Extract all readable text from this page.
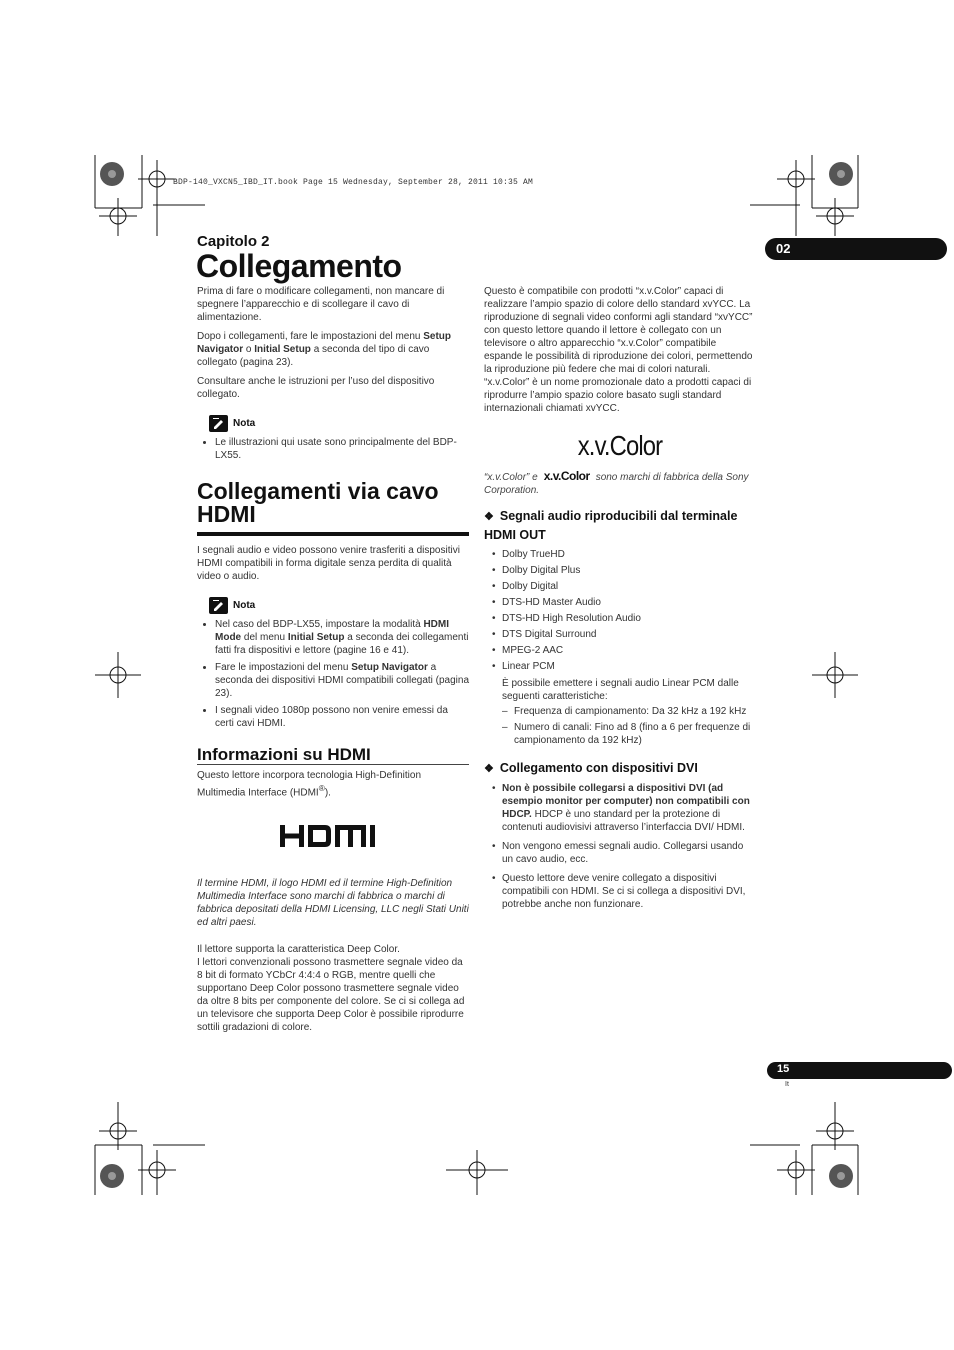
BDP-140_VXCN5_IBD_IT.book Page 15 Wednesday, September 28, 2011 10:35 AM
Capitolo 2
Collegamento	02

Prima di fare o modificare collegamenti, non mancare di spegnere l’apparecchio e di scollegare il cavo di alimentazione.

Dopo i collegamenti, fare le impostazioni del menu Setup Navigator o Initial Setup a seconda del tipo di cavo collegato (pagina 23).

Consultare anche le istruzioni per l’uso del dispositivo collegato.

Nota
• Le illustrazioni qui usate sono principalmente del BDP-LX55.
Collegamenti via cavo HDMI

I segnali audio e video possono venire trasferiti a dispositivi HDMI compatibili in forma digitale senza perdita di qualità video o audio.

Nota
• Nel caso del BDP-LX55, impostare la modalità HDMI Mode del menu Initial Setup a seconda dei collegamenti fatti fra dispositivi e lettore (pagine 16 e 41).
• Fare le impostazioni del menu Setup Navigator a seconda dei dispositivi HDMI compatibili collegati (pagina 23).
• I segnali video 1080p possono non venire emessi da certi cavi HDMI.
Informazioni su HDMI

Questo lettore incorpora tecnologia High-Definition Multimedia Interface (HDMI®).

Il termine HDMI, il logo HDMI ed il termine High-Definition Multimedia Interface sono marchi di fabbrica o marchi di fabbrica depositati della HDMI Licensing, LLC negli Stati Uniti ed altri paesi.

Il lettore supporta la caratteristica Deep Color.

I lettori convenzionali possono trasmettere segnale video da 8 bit di formato YCbCr 4:4:4 o RGB, mentre quelli che supportano Deep Color possono trasmettere segnale video da oltre 8 bits per componente del colore. Se ci si collega ad un televisore che supporta Deep Color è possibile riprodurre sottili gradazioni di colore.

Questo è compatibile con prodotti “x.v.Color” capaci di realizzare l’ampio spazio di colore dello standard xvYCC. La riproduzione di segnali video conformi agli standard “xvYCC” con questo lettore quando il lettore è collegato con un televisore o altro apparecchio “x.v.Color” compatibile espande le possibilità di riproduzione dei colori, permettendo la riproduzione più federe che mai di colori naturali.

“x.v.Color” è un nome promozionale dato a prodotti capaci di riprodurre l’ampio spazio colore basato sugli standard internazionali chiamati xvYCC.

x.v.Color

“x.v.Color” e x.v.Color sono marchi di fabbrica della Sony Corporation.

❖ Segnali audio riproducibili dal terminale HDMI OUT
• Dolby TrueHD
• Dolby Digital Plus
• Dolby Digital
• DTS-HD Master Audio
• DTS-HD High Resolution Audio
• DTS Digital Surround
• MPEG-2 AAC
• Linear PCM

È possibile emettere i segnali audio Linear PCM dalle seguenti caratteristiche:

– Frequenza di campionamento: Da 32 kHz a 192 kHz
– Numero di canali: Fino ad 8 (fino a 6 per frequenze di campionamento da 192 kHz)
❖ Collegamento con dispositivi DVI
• Non è possibile collegarsi a dispositivi DVI (ad esempio monitor per computer) non compatibili con HDCP. HDCP è uno standard per la protezione di contenuti audiovisivi attraverso l’interfaccia DVI/ HDMI.
• Non vengono emessi segnali audio. Collegarsi usando un cavo audio, ecc.
• Questo lettore deve venire collegato a dispositivi compatibili con HDMI. Se ci si collega a dispositivi DVI, potrebbe anche non funzionare.
15
It
